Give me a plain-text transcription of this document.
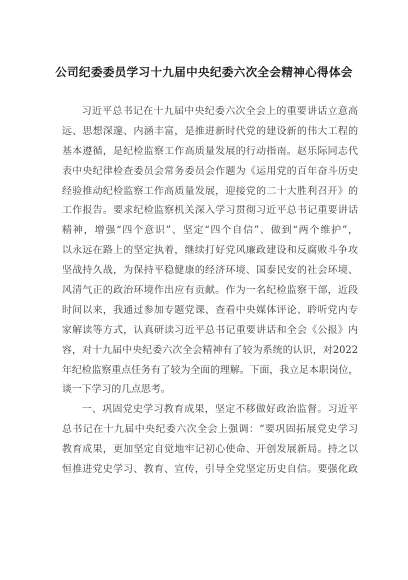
公司纪委委员学习十九届中央纪委六次全会精神心得体会
习近平总书记在十九届中央纪委六次全会上的重要讲话立意高
远、思想深邃、内涵丰富，是推进新时代党的建设新的伟大工程的
基本遵循，是纪检监察工作高质量发展的行动指南。赵乐际同志代
表中央纪律检查委员会常务委员会作题为《运用党的百年奋斗历史
经验推动纪检监察工作高质量发展，迎接党的二十大胜利召开》的
工作报告。要求纪检监察机关深入学习贯彻习近平总书记重要讲话
精神，增强“四个意识”、坚定“四个自信”、做到“两个维护”，
以永远在路上的坚定执着，继续打好党风廉政建设和反腐败斗争攻
坚战持久战，为保持平稳健康的经济环境、国泰民安的社会环境、
风清气正的政治环境作出应有贡献。作为一名纪检监察干部，近段
时间以来，我通过参加专题党课、查看中央媒体评论、聆听党内专
家解读等方式，认真研读习近平总书记重要讲话和全会《公报》内
容，对十九届中央纪委六次全会精神有了较为系统的认识，对2022
年纪检监察重点任务有了较为全面的理解。下面，我立足本职岗位，
谈一下学习的几点思考。
一、巩固党史学习教育成果，坚定不移做好政治监督。习近平
总书记在十九届中央纪委六次全会上强调：“要巩固拓展党史学习
教育成果，更加坚定自觉地牢记初心使命、开创发展新局。持之以
恒推进党史学习、教育、宣传，引导全党坚定历史自信。要强化政
